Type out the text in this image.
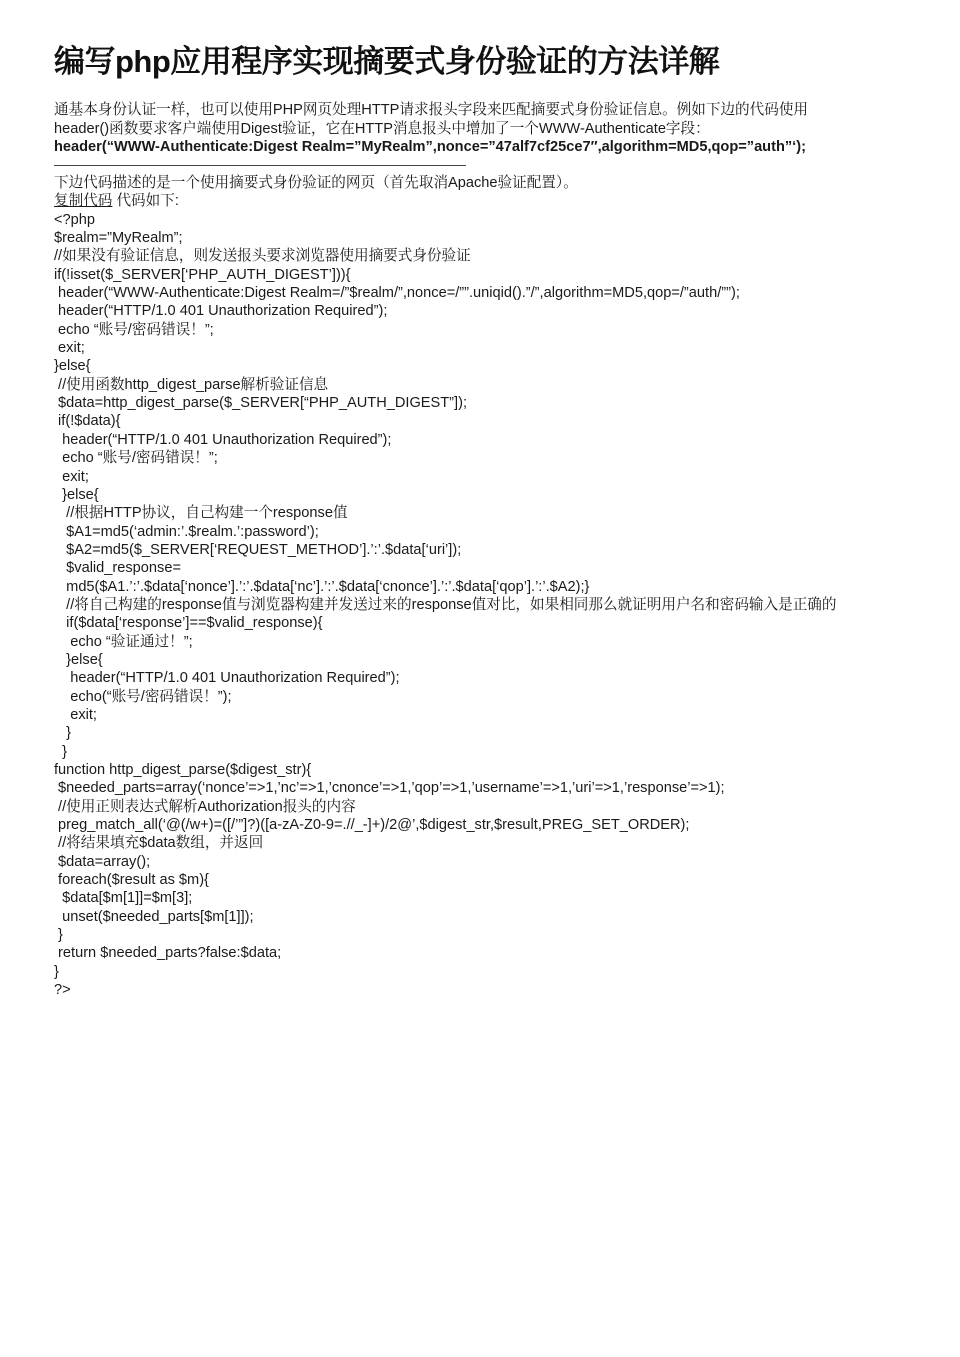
编写php应用程序实现摘要式身份验证的方法详解
通基本身份认证一样，也可以使用PHP网页处理HTTP请求报头字段来匹配摘要式身份验证信息。例如下边的代码使用
header()函数要求客户端使用Digest验证，它在HTTP消息报头中增加了一个WWW-Authenticate字段：
header(“WWW-Authenticate:Digest Realm=”MyRealm”,nonce=”47alf7cf25ce7″,algorithm=MD5,qop=”auth”‘);
下边代码描述的是一个使用摘要式身份验证的网页（首先取消Apache验证配置）。
复制代码 代码如下:
<?php
$realm=”MyRealm”;
//如果没有验证信息，则发送报头要求浏览器使用摘要式身份验证
if(!isset($_SERVER[‘PHP_AUTH_DIGEST’])){
header(“WWW-Authenticate:Digest Realm=/”$realm/”,nonce=/””.uniqid().”/”,algorithm=MD5,qop=/”auth/””);
header(“HTTP/1.0 401 Unauthorization Required”);
echo “账号/密码错误！”;
exit;
}else{
//使用函数http_digest_parse解析验证信息
$data=http_digest_parse($_SERVER[“PHP_AUTH_DIGEST”]);
if(!$data){
header(“HTTP/1.0 401 Unauthorization Required”);
echo “账号/密码错误！”;
exit;
}else{
//根据HTTP协议，自己构建一个response值
$A1=md5(‘admin:’.$realm.’:password’);
$A2=md5($_SERVER[‘REQUEST_METHOD’].’:’.$data[‘uri’]);
$valid_response=
md5($A1.’:’.$data[‘nonce’].’:’.$data[‘nc’].’:’.$data[‘cnonce’].’:’.$data[‘qop’].’:’.$A2);}
//将自己构建的response值与浏览器构建并发送过来的response值对比，如果相同那么就证明用户名和密码输入是正确的
if($data[‘response’]==$valid_response){
echo “验证通过！”;
}else{
header(“HTTP/1.0 401 Unauthorization Required”);
echo(“账号/密码错误！”);
exit;
}
}
function http_digest_parse($digest_str){
$needed_parts=array(‘nonce’=>1,’nc’=>1,’cnonce’=>1,’qop’=>1,’username’=>1,’uri’=>1,’response’=>1);
//使用正则表达式解析Authorization报头的内容
preg_match_all(‘@(/w+)=([/’”]?)([a-zA-Z0-9=.//_-]+)/2@’,$digest_str,$result,PREG_SET_ORDER);
//将结果填充$data数组，并返回
$data=array();
foreach($result as $m){
$data[$m[1]]=$m[3];
unset($needed_parts[$m[1]]);
}
return $needed_parts?false:$data;
}
?>
